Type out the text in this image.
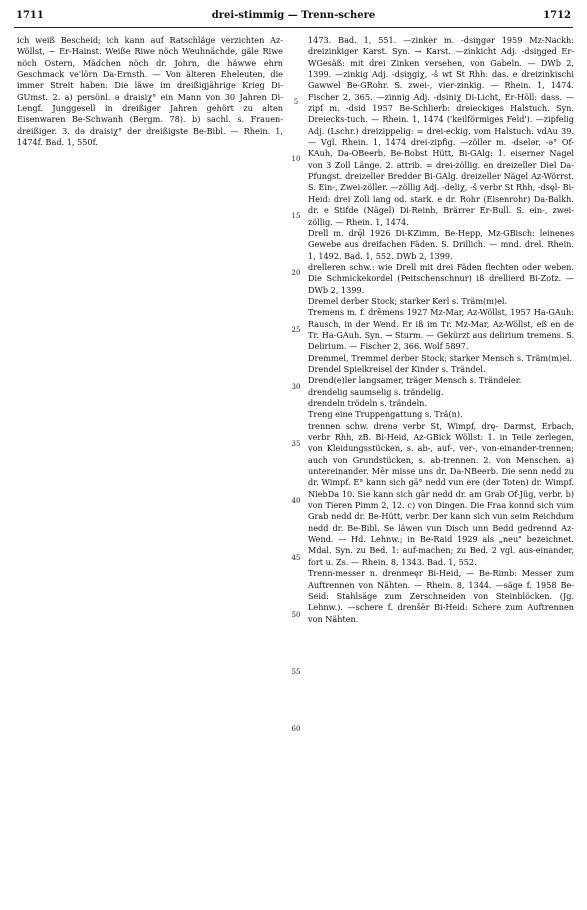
1711	drei-stimmig — Trenn-schere	1712

ich weiß Bescheid; ich kann auf Ratschläge verzichten Az-Wöllst, ~ Er-Hainst. Weiße Riwe nöch Weuhnächde, gäle Riwe nöch Ostern, Mädchen nöch dr. Johrn, die häwwe ehrn Geschmack ve'lörn Da-Ernsth. — Von älteren Eheleuten, die immer Streit haben: Die läwe im dreißigjährige Krieg Di-GUmst. 2. a) persönl. ə draisiχ° ein Mann von 30 Jahren Di-Lengf. Junggesell in dreißiger Jahren gehört zu alten Eisenwaren Be-Schwanh (Bergm. 78). b) sachl. s. Frauen-dreißiger. 3. də draisiχ° der dreißigste Be-Bibl. — Rhein. 1, 1474f. Bad. 1, 550f.

5
10
15
20
25
30
35
40
45
50
55
60

1473. Bad. 1, 551. —zinker m. -dsiŋgər 1959 Mz-Nackh: dreizinkiger Karst. Syn. → Karst. —zinkicht Adj. -dsiŋged Er-WGesäß: mit drei Zinken versehen, von Gabeln. — DWb 2, 1399. —zinkig Adj. -dsiŋgiχ, -š wt St Rhh: das. e dreizinkischi Gawwel Be-GRohr. S. zwei-, vier-zinkig. — Rhein. 1, 1474. Fischer 2, 365. —zinnig Adj. -dsiniχ Di-Licht, Er-Höll: dass. —zipf m. -dsid 1957 Be-Schlierb: dreieckiges Halstuch. Syn. Dreiecks-tuch. — Rhein. 1, 1474 ('keilförmiges Feld'). —zipfelig Adj. (Lschr.) dreizippelig: = drei-eckig, vom Halstuch. vdAu 39. — Vgl. Rhein. 1, 1474 drei-zipfig. —zöller m. -dselər, -ə° Of-KAuh, Da-OBeerb, Be-Bobst Hütt, Bi-GAlg: 1. eiserner Nagel von 3 Zoll Länge. 2. attrib. = drei-zöllig. en dreizeller Diel Da-Pfungst. dreizeller Bredder Bi-GAlg. dreizeller Nägel Az-Wörrst. S. Ein-, Zwei-zöller. —zöllig Adj. -deliχ, -š verbr St Rhh, -dsęl- Bi-Heid: drei Zoll lang od. stark. e dr. Rohr (Eisenrohr) Da-Balkh. dr. e Stifde (Nägel) Di-Reinh, Brärrer Er-Bull. S. ein-, zwei-zöllig. — Rhein. 1, 1474.

Drell m. drę̄l 1926 Di-KZimm, Be-Hepp, Mz-GBisch: leinenes Gewebe aus dreifachen Fäden. S. Drillich. — mnd. drel. Rhein. 1, 1492. Bad. 1, 552. DWb 2, 1399.

drelleren schw.: wie Drell mit drei Fäden flechten oder weben. Die Schmickekordel (Peitschenschnur) iß drellierd Bi-Zotz. — DWb 2, 1399.

Dremel derber Stock; starker Kerl s. Träm(m)el.

Tremens m. f. drēmens 1927 Mz-Mar, Az-Wöllst, 1957 Ha-GAuh: Rausch, in der Wend. Er iß im Tr. Mz-Mar, Az-Wöllst, eß en de Tr. Ha-GAuh. Syn. → Sturm. — Gekürzt aus delirium tremens. S. Delirium. — Fischer 2, 366. Wolf 5897.

Dremmel, Tremmel derber Stock; starker Mensch s. Träm(m)el.

Drendel Spielkreisel der Kinder s. Trändel.

Drend(e)ler langsamer, träger Mensch s. Trändeler.

drendelig saumselig s. trändelig.

drendeln trödeln s. trändeln.

Treng eine Truppengattung s. Trä(n).

trennen schw. drenə verbr St, Wimpf, drę- Darmst, Erbach, verbr Rhh, zB. Bi-Heid, Az-GBick Wöllst: 1. in Teile zerlegen, von Kleidungsstücken, s. ab-, auf-, ver-, von-einander-trennen; auch von Grundstücken, s. ab-trennen. 2. von Menschen. a) untereinander. Mēr misse uns dr. Da-NBeerb. Die senn nedd zu dr. Wimpf. E° kann sich gā° nedd vun ere (der Toten) dr. Wimpf. NiebDa 10. Sie kann sich gār nedd dr. am Grab Of-Jüg, verbr. b) von Tieren Pimm 2, 12. c) von Dingen. Die Fraa konnd sich vum Grab nedd dr. Be-Hütt, verbr. Der kann sich vun seim Reichdum nedd dr. Be-Bibl. Se läwen vun Disch unn Bedd gedrennd Az-Wend. — Hd. Lehnw.; in Be-Raid 1929 als „neu" bezeichnet. Mdal. Syn. zu Bed. 1: auf-machen; zu Bed. 2 vgl. aus-einander, fort u. Zs. — Rhein. 8, 1343. Bad. 1, 552.

Trenn-messer n. drenmeęr Bi-Heid, — Be-Rimb: Messer zum Auftrennen von Nähten. — Rhein. 8, 1344. —säge f. 1958 Be-Seid: Stahlsäge zum Zerschneiden von Steinblöcken. (Jg. Lehnw.). —schere f. drenšēr Bi-Heid: Schere zum Auftrennen von Nähten.
